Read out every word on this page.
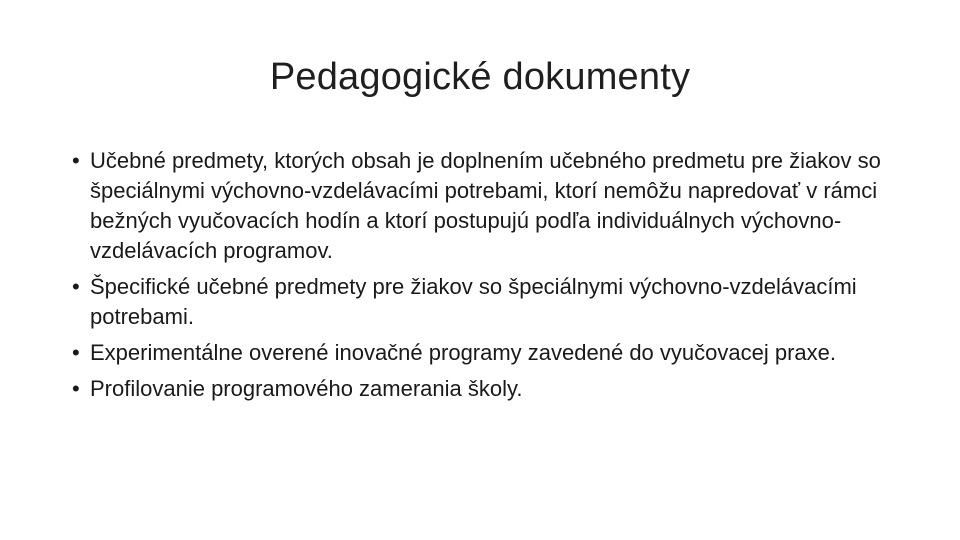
Pedagogické dokumenty
• Učebné predmety, ktorých obsah je doplnením učebného predmetu pre žiakov so špeciálnymi výchovno-vzdelávacími potrebami, ktorí nemôžu napredovať v rámci bežných vyučovacích hodín a ktorí postupujú podľa individuálnych výchovno-vzdelávacích programov.
• Špecifické učebné predmety pre žiakov so špeciálnymi výchovno-vzdelávacími potrebami.
• Experimentálne overené inovačné programy zavedené do vyučovacej praxe.
• Profilovanie programového zamerania školy.
